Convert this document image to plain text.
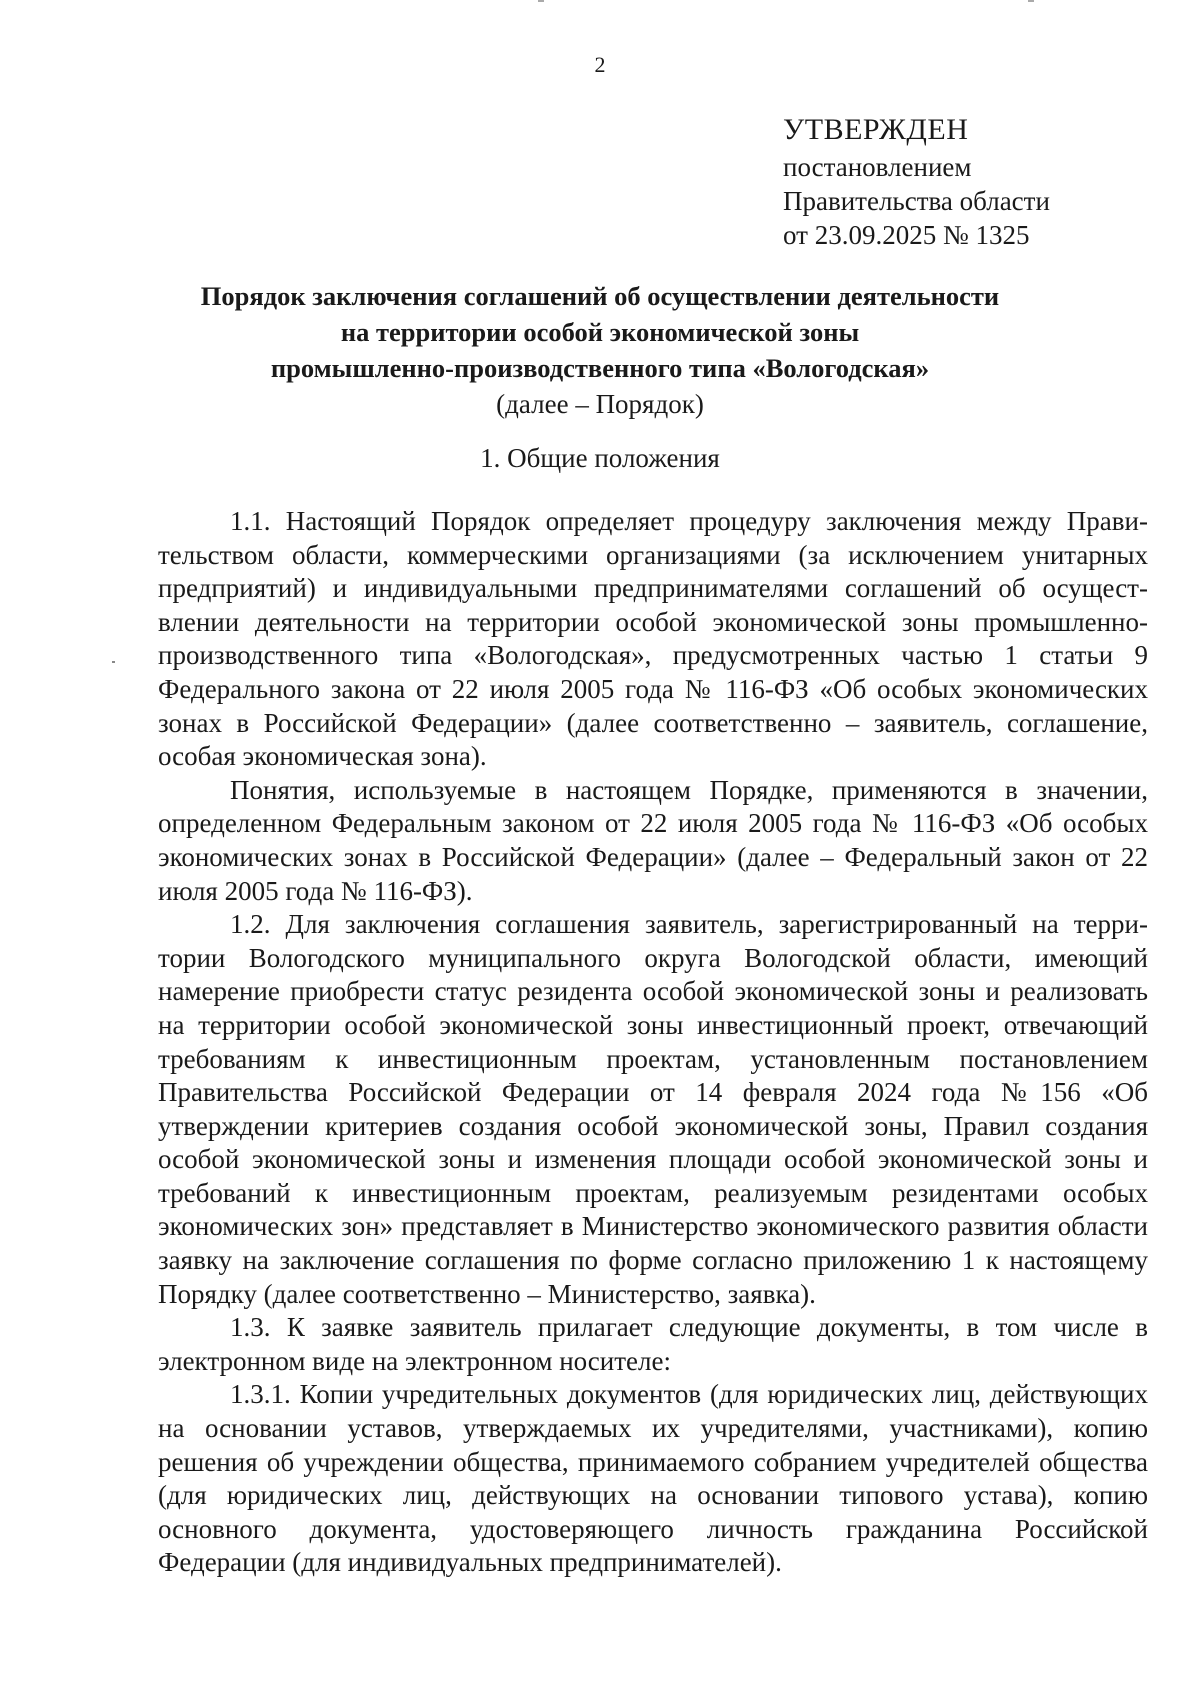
2
УТВЕРЖДЕН
постановлением
Правительства области
от 23.09.2025 № 1325
Порядок заключения соглашений об осуществлении деятельности
на территории особой экономической зоны
промышленно-производственного типа «Вологодская»
(далее – Порядок)
1. Общие положения

1.1. Настоящий Порядок определяет процедуру заключения между Правительством области, коммерческими организациями (за исключением унитарных предприятий) и индивидуальными предпринимателями соглашений об осуществлении деятельности на территории особой экономической зоны промышленно-производственного типа «Вологодская», предусмотренных частью 1 статьи 9 Федерального закона от 22 июля 2005 года № 116-ФЗ «Об особых экономических зонах в Российской Федерации» (далее соответственно – заявитель, соглашение, особая экономическая зона).

Понятия, используемые в настоящем Порядке, применяются в значении, определенном Федеральным законом от 22 июля 2005 года № 116-ФЗ «Об особых экономических зонах в Российской Федерации» (далее – Федеральный закон от 22 июля 2005 года № 116-ФЗ).

1.2. Для заключения соглашения заявитель, зарегистрированный на территории Вологодского муниципального округа Вологодской области, имеющий намерение приобрести статус резидента особой экономической зоны и реализовать на территории особой экономической зоны инвестиционный проект, отвечающий требованиям к инвестиционным проектам, установленным постановлением Правительства Российской Федерации от 14 февраля 2024 года №156 «Об утверждении критериев создания особой экономической зоны, Правил создания особой экономической зоны и изменения площади особой экономической зоны и требований к инвестиционным проектам, реализуемым резидентами особых экономических зон» представляет в Министерство экономического развития области заявку на заключение соглашения по форме согласно приложению 1 к настоящему Порядку (далее соответственно – Министерство, заявка).

1.3. К заявке заявитель прилагает следующие документы, в том числе в электронном виде на электронном носителе:

1.3.1. Копии учредительных документов (для юридических лиц, действующих на основании уставов, утверждаемых их учредителями, участниками), копию решения об учреждении общества, принимаемого собранием учредителей общества (для юридических лиц, действующих на основании типового устава), копию основного документа, удостоверяющего личность гражданина Российской Федерации (для индивидуальных предпринимателей).
